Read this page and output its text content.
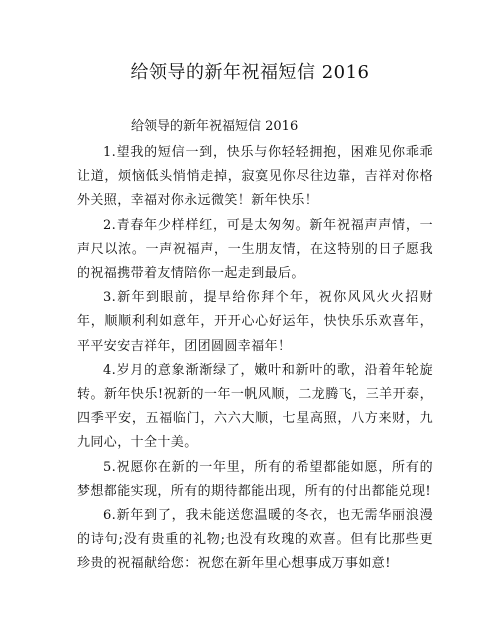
给领导的新年祝福短信 2016

给领导的新年祝福短信 2016

1.望我的短信一到，快乐与你轻轻拥抱，困难见你乖乖让道，烦恼低头悄悄走掉，寂寞见你尽往边靠，吉祥对你格外关照，幸福对你永远微笑！新年快乐！

2.青春年少样样红，可是太匆匆。新年祝福声声情，一声尺以浓。一声祝福声，一生朋友情，在这特别的日子愿我的祝福携带着友情陪你一起走到最后。

3.新年到眼前，提早给你拜个年，祝你风风火火招财年，顺顺利利如意年，开开心心好运年，快快乐乐欢喜年，平平安安吉祥年，团团圆圆幸福年！

4.岁月的意象渐渐绿了，嫩叶和新叶的歌，沿着年轮旋转。新年快乐!祝新的一年一帆风顺，二龙腾飞，三羊开泰，四季平安，五福临门，六六大顺，七星高照，八方来财，九九同心，十全十美。

5.祝愿你在新的一年里，所有的希望都能如愿，所有的梦想都能实现，所有的期待都能出现，所有的付出都能兑现!

6.新年到了，我未能送您温暖的冬衣，也无需华丽浪漫的诗句;没有贵重的礼物;也没有玫瑰的欢喜。但有比那些更珍贵的祝福献给您：祝您在新年里心想事成万事如意!
